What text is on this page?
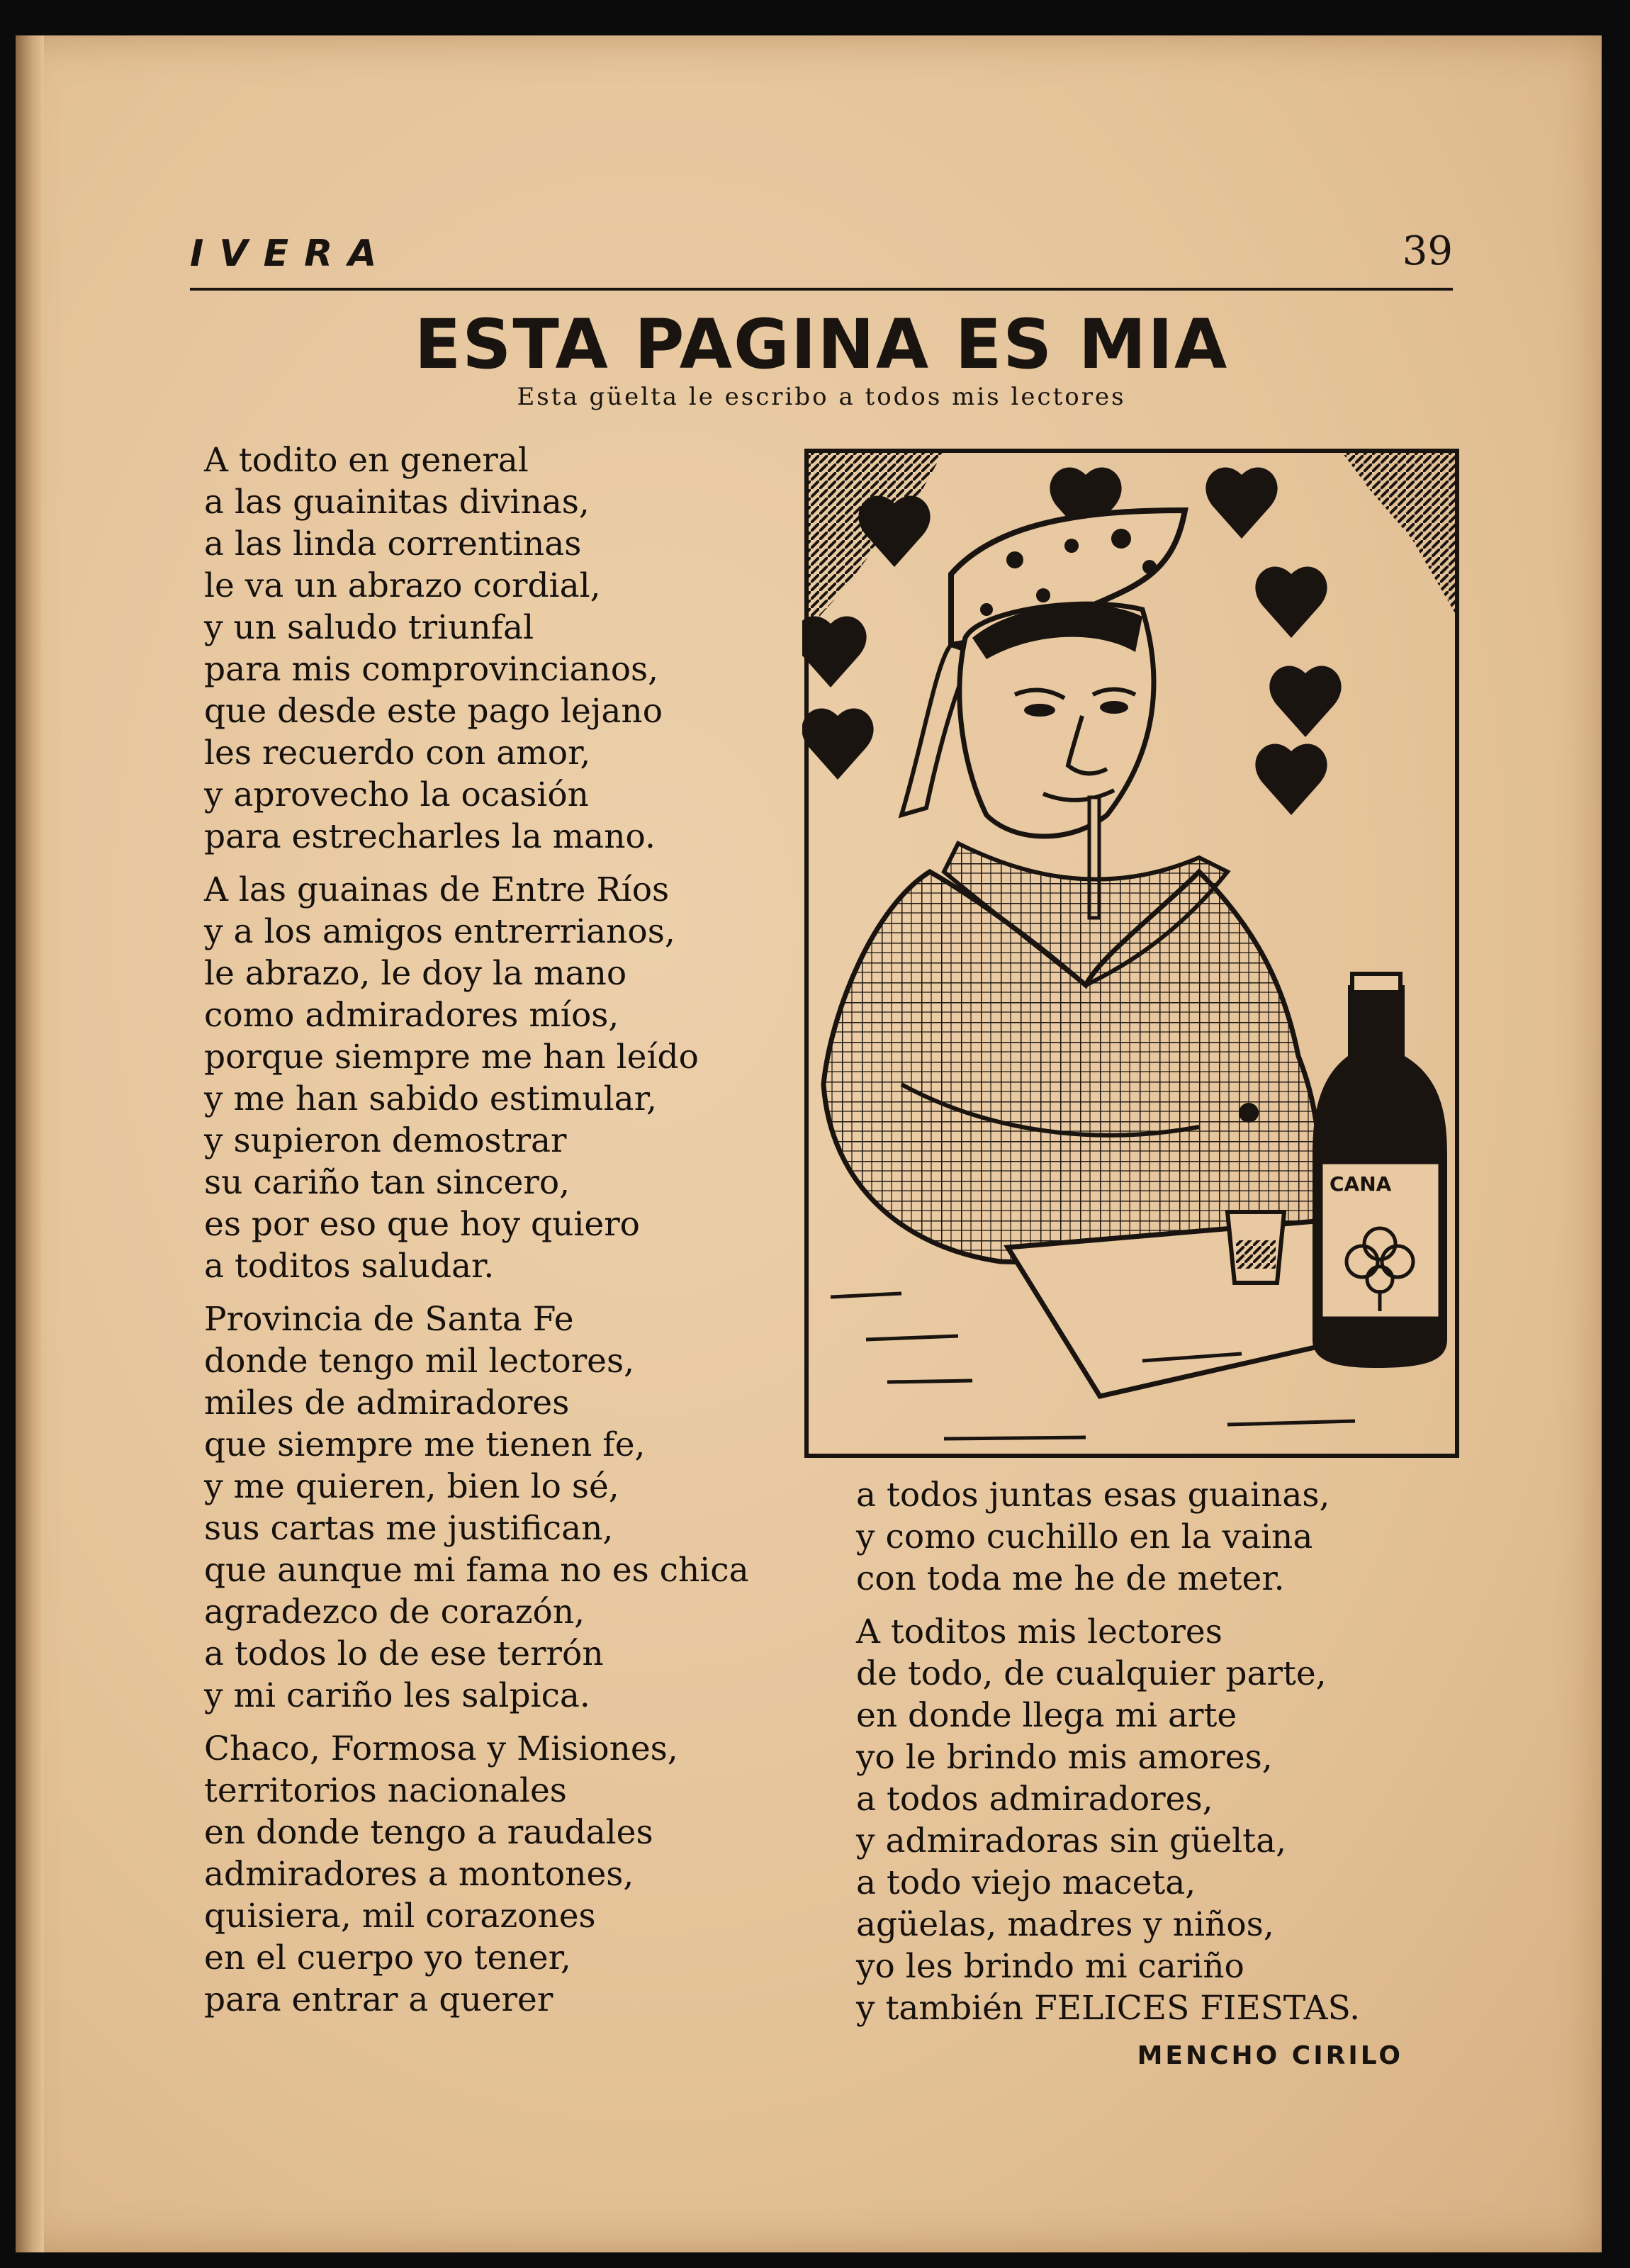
IVERA	39
ESTA PAGINA ES MIA
Esta güelta le escribo a todos mis lectores
A todito en general
a las guainitas divinas,
a las linda correntinas
le va un abrazo cordial,
y un saludo triunfal
para mis comprovincianos,
que desde este pago lejano
les recuerdo con amor,
y aprovecho la ocasión
para estrecharles la mano.
A las guainas de Entre Ríos
y a los amigos entrerrianos,
le abrazo, le doy la mano
como admiradores míos,
porque siempre me han leído
y me han sabido estimular,
y supieron demostrar
su cariño tan sincero,
es por eso que hoy quiero
a toditos saludar.
Provincia de Santa Fe
donde tengo mil lectores,
miles de admiradores
que siempre me tienen fe,
y me quieren, bien lo sé,
sus cartas me justifican,
que aunque mi fama no es chica
agradezco de corazón,
a todos lo de ese terrón
y mi cariño les salpica.
Chaco, Formosa y Misiones,
territorios nacionales
en donde tengo a raudales
admiradores a montones,
quisiera, mil corazones
en el cuerpo yo tener,
para entrar a querer
CANA
a todos juntas esas guainas,
y como cuchillo en la vaina
con toda me he de meter.
A toditos mis lectores
de todo, de cualquier parte,
en donde llega mi arte
yo le brindo mis amores,
a todos admiradores,
y admiradoras sin güelta,
a todo viejo maceta,
agüelas, madres y niños,
yo les brindo mi cariño
y también FELICES FIESTAS.
MENCHO CIRILO
